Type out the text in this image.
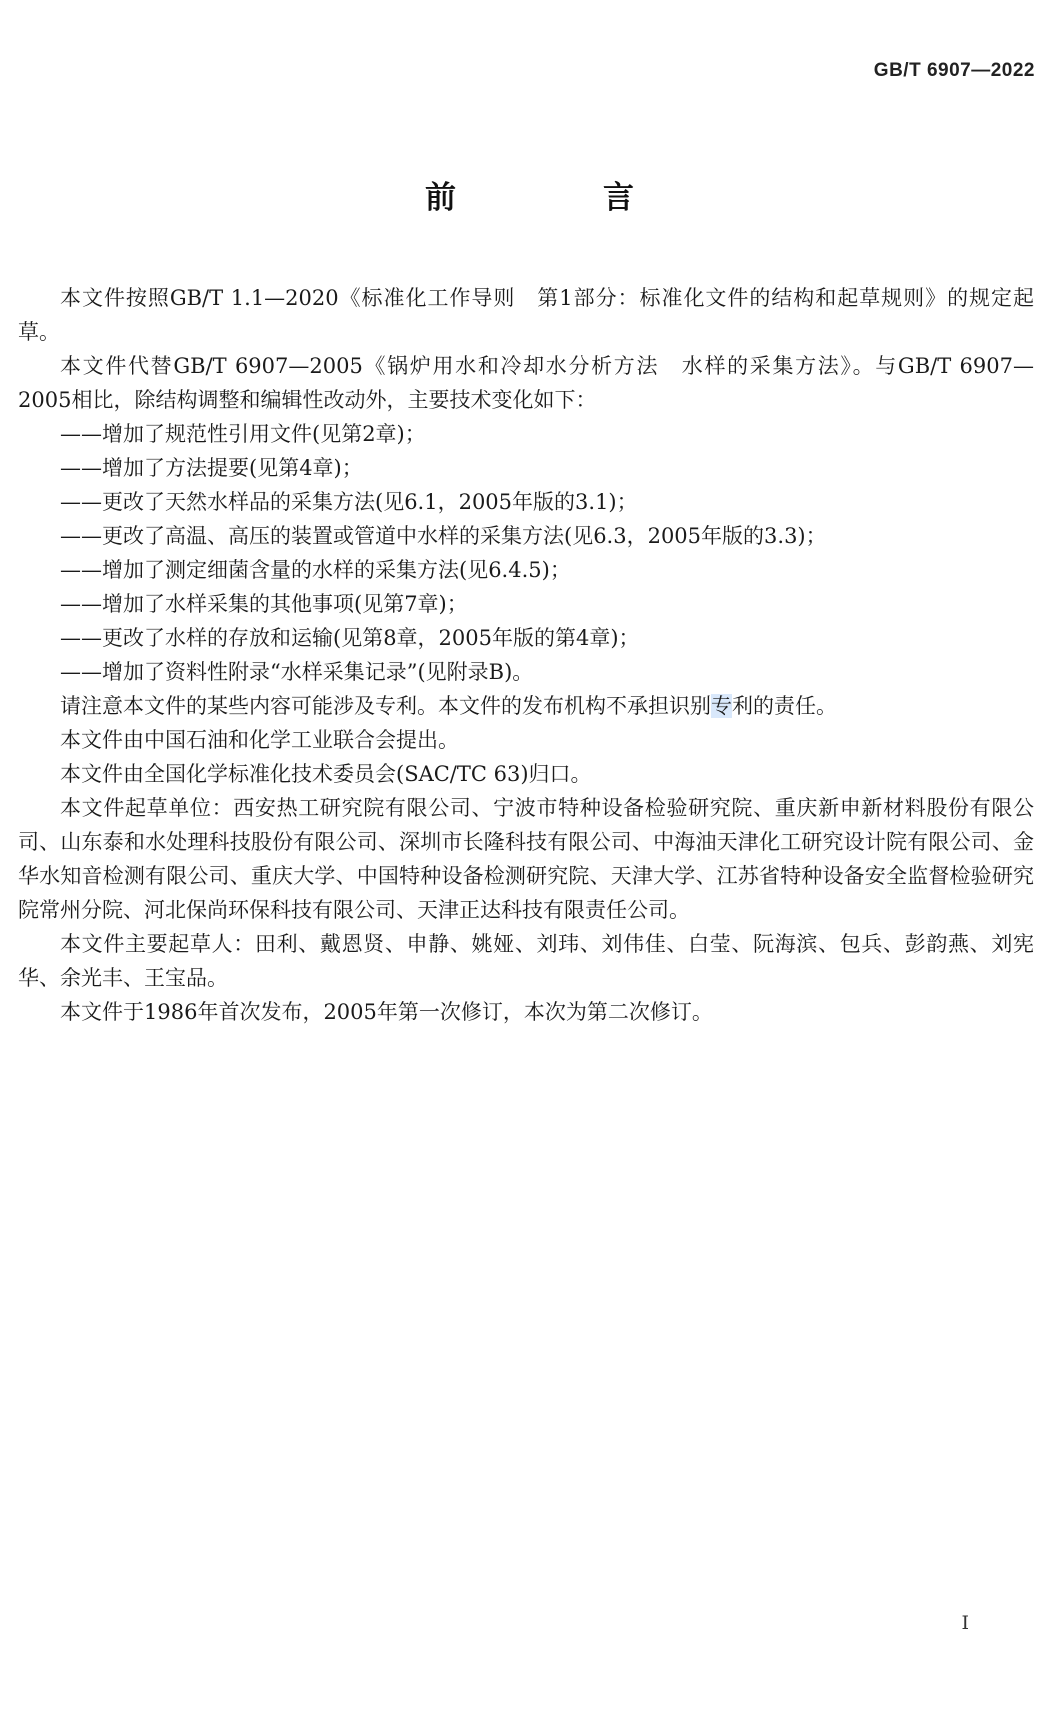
GB/T 6907—2022
前　言

本文件按照GB/T 1.1—2020《标准化工作导则　第1部分：标准化文件的结构和起草规则》的规定起草。

本文件代替GB/T 6907—2005《锅炉用水和冷却水分析方法　水样的采集方法》。与GB/T 6907—2005相比，除结构调整和编辑性改动外，主要技术变化如下：

——增加了规范性引用文件(见第2章)；

——增加了方法提要(见第4章)；

——更改了天然水样品的采集方法(见6.1，2005年版的3.1)；

——更改了高温、高压的装置或管道中水样的采集方法(见6.3，2005年版的3.3)；

——增加了测定细菌含量的水样的采集方法(见6.4.5)；

——增加了水样采集的其他事项(见第7章)；

——更改了水样的存放和运输(见第8章，2005年版的第4章)；

——增加了资料性附录“水样采集记录”(见附录B)。

请注意本文件的某些内容可能涉及专利。本文件的发布机构不承担识别专利的责任。

本文件由中国石油和化学工业联合会提出。

本文件由全国化学标准化技术委员会(SAC/TC 63)归口。

本文件起草单位：西安热工研究院有限公司、宁波市特种设备检验研究院、重庆新申新材料股份有限公司、山东泰和水处理科技股份有限公司、深圳市长隆科技有限公司、中海油天津化工研究设计院有限公司、金华水知音检测有限公司、重庆大学、中国特种设备检测研究院、天津大学、江苏省特种设备安全监督检验研究院常州分院、河北保尚环保科技有限公司、天津正达科技有限责任公司。

本文件主要起草人：田利、戴恩贤、申静、姚娅、刘玮、刘伟佳、白莹、阮海滨、包兵、彭韵燕、刘宪华、余光丰、王宝品。

本文件于1986年首次发布，2005年第一次修订，本次为第二次修订。

Ⅰ
